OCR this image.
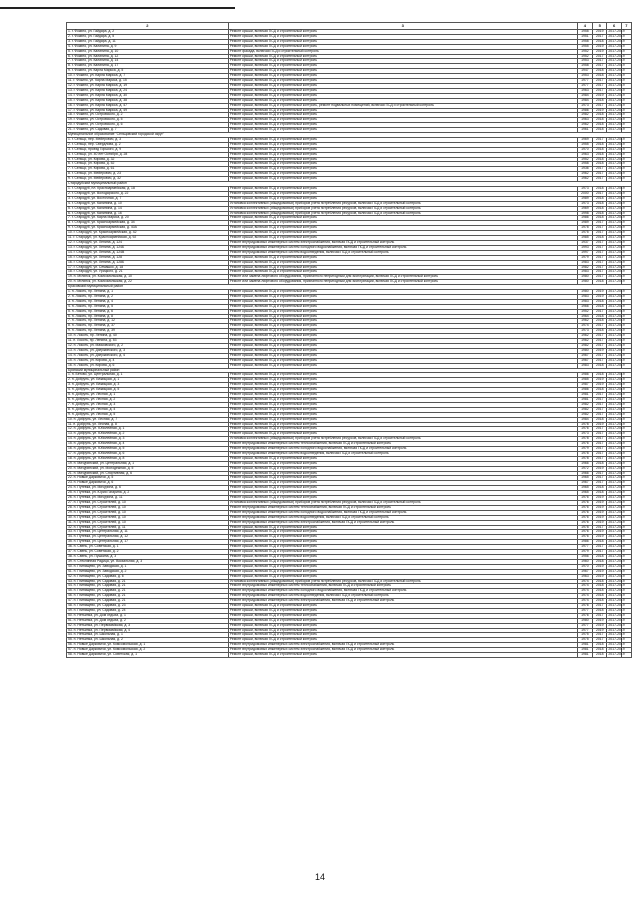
2	3	4	5	6	7
1. г. Фокино, ул. Гайдара, д. 2	Ремонт крыши, включая ПСД и строительный контроль	1958	2019	2017-2019	
2. г. Фокино, ул. Гайдара, д. 5	Ремонт крыши, включая ПСД и строительный контроль	1951	2017	2017-2019	
3. г. Фокино, ул. Гайдара, д. 11	Ремонт крыши, включая ПСД и строительный контроль	1958	2018	2017-2019	
4. г. Фокино, ул. Калинина, д. 9	Ремонт крыши, включая ПСД и строительный контроль	1955	2019	2017-2019	
5. г. Фокино, ул. Калинина, д. 10	Ремонт фасада, включая ПСД и строительный контроль	1952	2019	2017-2019	
6. г. Фокино, ул. Калинина, д. 12	Ремонт крыши, включая ПСД и строительный контроль	1952	2017	2017-2019	
7. г. Фокино, ул. Калинина, д. 14	Ремонт крыши, включая ПСД и строительный контроль	1953	2017	2017-2019	
8. г. Фокино, ул. Калинина, д. 17	Ремонт крыши, включая ПСД и строительный контроль	1958	2017	2017-2019	
9. г. Фокино, ул. Карла Маркса, д. 5	Ремонт крыши, включая ПСД и строительный контроль	1947	2018	2017-2019	
10. г. Фокино, ул. Карла Маркса, д. 7	Ремонт крыши, включая ПСД и строительный контроль	1953	2018	2017-2019	
11. г. Фокино, ул. Карла Маркса, д. 15	Ремонт крыши, включая ПСД и строительный контроль	1977	2017	2017-2019	
12. г. Фокино, ул. Карла Маркса, д. 19	Ремонт крыши, включая ПСД и строительный контроль	1977	2017	2017-2019	
13. г. Фокино, ул. Карла Маркса, д. 24	Ремонт крыши, включая ПСД и строительный контроль	1963	2017	2017-2019	
14. г. Фокино, ул. Карла Маркса, д. 30	Ремонт крыши, включая ПСД и строительный контроль	1984	2019	2017-2019	
15. г. Фокино, ул. Карла Маркса, д. 38	Ремонт крыши, включая ПСД и строительный контроль	1984	2018	2017-2019	
16. г. Фокино, ул. Карла Маркса, д. 47	Ремонт крыши, включая ПСД и строительный контроль, ремонт подвальных помещений, включая ПСД и строительный контроль	1973	2017	2017-2019	
17. г. Фокино, ул. Карла Маркса, д. 49	Ремонт крыши, включая ПСД и строительный контроль	1986	2019	2017-2019	
18. г. Фокино, ул. Островского, д. 2	Ремонт крыши, включая ПСД и строительный контроль	1982	2018	2017-2019	
19. г. Фокино, ул. Островского, д. 5	Ремонт крыши, включая ПСД и строительный контроль	1963	2018	2017-2019	
20. г. Фокино, ул. Островского, д. 6	Ремонт крыши, включая ПСД и строительный контроль	1962	2018	2017-2019	
21. г. Фокино, ул. Садовая, д. 7	Ремонт крыши, включая ПСД и строительный контроль	1961	2018	2017-2019	
Муниципальное образование "Сельцовский городской округ"					
1. г. Сельцо, пер. Мейерович, д. 3	Ремонт крыши, включая ПСД и строительный контроль	1969	2017	2017-2019	
2. г. Сельцо, пер. Свердлова, д. 2	Ремонт крыши, включая ПСД и строительный контроль	1955	2018	2017-2019	
3. г. Сельцо, проезд Горького, д. 9	Ремонт крыши, включая ПСД и строительный контроль	1970	2018	2017-2019	
4. г. Сельцо, ул. 40 лет Октября, д. 28	Ремонт крыши, включая ПСД и строительный контроль	1963	2018	2017-2019	
5. г. Сельцо, ул. Кирова, д. 32	Ремонт крыши, включая ПСД и строительный контроль	1952	2018	2017-2019	
6. г. Сельцо, ул. Кирова, д. 52	Ремонт крыши, включая ПСД и строительный контроль	1958	2018	2017-2019	
7. г. Сельцо, ул. Кирова, д. 61	Ремонт крыши, включая ПСД и строительный контроль	1936	2017	2017-2019	
8. г. Сельцо, ул. Мейерович, д. 23	Ремонт крыши, включая ПСД и строительный контроль	1962	2017	2017-2019	
9. г. Сельцо, ул. Мейерович, д. 32	Ремонт крыши, включая ПСД и строительный контроль	1962	2017	2017-2019	
Стародубский муниципальный район					
1. г. Стародуб, пл. Красноармейская, д. 18	Ремонт крыши, включая ПСД и строительный контроль	1973	2018	2017-2019	
2. г. Стародуб, ул. Володарского, д. 22	Ремонт крыши, включая ПСД и строительный контроль	2000	2017	2017-2019	
3. г. Стародуб, ул. Восточная, д. 7	Ремонт крыши, включая ПСД и строительный контроль	1989	2018	2017-2019	
4. г. Стародуб, ул. Калинина, д. 10	Установка коллективных (общедомовых) приборов учета потребления ресурсов, включая ПСД и строительный контроль	1973	2018	2017-2019	
5. г. Стародуб, ул. Калинина, д. 14	Установка коллективных (общедомовых) приборов учета потребления ресурсов, включая ПСД и строительный контроль	1969	2018	2017-2019	
6. г. Стародуб, ул. Калинина, д. 16	Установка коллективных (общедомовых) приборов учета потребления ресурсов, включая ПСД и строительный контроль	1998	2018	2017-2019	
7. г. Стародуб, ул. Карла Маркса, д. 20	Ремонт крыши, включая ПСД и строительный контроль	1986	2018	2017-2019	
8. г. Стародуб, ул. Красноармейская, д. 34	Ремонт крыши, включая ПСД и строительный контроль	1989	2017	2017-2019	
9. г. Стародуб, ул. Красноармейская, д. 40А	Ремонт крыши, включая ПСД и строительный контроль	1978	2017	2017-2019	
10. г. Стародуб, ул. Красноармейская, д. 42	Ремонт крыши, включая ПСД и строительный контроль	1975	2017	2017-2019	
11. г. Стародуб, ул. Красноармейская, д. 92	Ремонт крыши, включая ПСД и строительный контроль	1985	2018	2017-2019	
12. г. Стародуб, ул. Ленина, д. 124	Ремонт внутридомовых инженерных систем электроснабжения, включая ПСД и строительный контроль	1937	2017	2017-2019	
13. г. Стародуб, ул. Ленина, д. 124Б	Ремонт внутридомовых инженерных систем холодного водоснабжения, включая ПСД и строительный контроль	1993	2017	2017-2019	
14. г. Стародуб, ул. Ленина, д. 124В	Ремонт внутридомовых инженерных систем водоотведения, включая ПСД и строительный контроль	1997	2017	2017-2019	
15. г. Стародуб, ул. Ленина, д. 128	Ремонт крыши, включая ПСД и строительный контроль	1979	2017	2017-2019	
16. г. Стародуб, ул. Ленина, д. 128Б	Ремонт крыши, включая ПСД и строительный контроль	1983	2017	2017-2019	
17. г. Стародуб, ул. Семашко, д. 18	Ремонт крыши, включая ПСД и строительный контроль	1982	2017	2017-2019	
18. г. Стародуб, ул. Урицкого, д. 21	Ремонт крыши, включая ПСД и строительный контроль	1983	2017	2017-2019	
19. п. Мглинск, ул. Комсомольская, д. 10	Ремонт или замена лифтового оборудования, признанного непригодным для эксплуатации, включая ПСД и строительный контроль	1980	2017	2017-2019	
20. п. Мглинск, ул. Комсомольская, д. 22	Ремонт или замена лифтового оборудования, признанного непригодным для эксплуатации, включая ПСД и строительный контроль	1980	2018	2017-2019	
Брасовский муниципальный район					
1. п. Локоть, пр. Ленина, д. 1	Ремонт крыши, включая ПСД и строительный контроль	1980	2019	2017-2019	
2. п. Локоть, пр. Ленина, д. 2	Ремонт крыши, включая ПСД и строительный контроль	1983	2019	2017-2019	
3. п. Локоть, пр. Ленина, д. 4	Ремонт крыши, включая ПСД и строительный контроль	1983	2018	2017-2019	
4. п. Локоть, пр. Ленина, д. 5	Ремонт крыши, включая ПСД и строительный контроль	1966	2018	2017-2019	
5. п. Локоть, пр. Ленина, д. 6	Ремонт крыши, включая ПСД и строительный контроль	1952	2017	2017-2019	
6. п. Локоть, пр. Ленина, д. 8	Ремонт крыши, включая ПСД и строительный контроль	1964	2018	2017-2019	
7. п. Локоть, пр. Ленина, д. 12	Ремонт крыши, включая ПСД и строительный контроль	1962	2018	2017-2019	
8. п. Локоть, пр. Ленина, д. 37	Ремонт крыши, включая ПСД и строительный контроль	1974	2017	2017-2019	
9. п. Локоть, пр. Ленина, д. 39	Ремонт крыши, включая ПСД и строительный контроль	1973	2018	2017-2019	
10. п. Локоть, пр. Ленина, д. 40	Ремонт крыши, включая ПСД и строительный контроль	1962	2017	2017-2019	
11. п. Локоть, пр. Ленина, д. 53	Ремонт крыши, включая ПСД и строительный контроль	1962	2017	2017-2019	
12. п. Локоть, ул. Маяковского, д. 2	Ремонт крыши, включая ПСД и строительный контроль	1982	2017	2017-2019	
13. п. Локоть, ул. Дзержинского, д. 3	Ремонт крыши, включая ПСД и строительный контроль	1980	2019	2017-2019	
14. п. Локоть, ул. Дзержинского, д. 4	Ремонт крыши, включая ПСД и строительный контроль	1967	2017	2017-2019	
15. п. Локоть, ул. Кирова, д. 4	Ремонт крыши, включая ПСД и строительный контроль	1967	2017	2017-2019	
16. п. Локоть, ул. Кирова, д. 6	Ремонт крыши, включая ПСД и строительный контроль	1983	2018	2017-2019	
Брянский муниципальный район					
1. п. Бетово, ул. Центральная, д. 1	Ремонт крыши, включая ПСД и строительный контроль	1986	2018	2017-2019	
2. п. Добрунь, ул. Бежицкая, д. 1	Ремонт крыши, включая ПСД и строительный контроль	1985	2019	2017-2019	
3. п. Добрунь, ул. Бежицкая, д. 3	Ремонт крыши, включая ПСД и строительный контроль	1987	2019	2017-2019	
4. п. Добрунь, ул. Бежицкая, д. 5	Ремонт крыши, включая ПСД и строительный контроль	1986	2018	2017-2019	
5. п. Добрунь, ул. Лесная, д. 1	Ремонт крыши, включая ПСД и строительный контроль	1981	2017	2017-2019	
6. п. Добрунь, ул. Лесная, д. 2	Ремонт крыши, включая ПСД и строительный контроль	1981	2017	2017-2019	
7. п. Добрунь, ул. Лесная, д. 3	Ремонт крыши, включая ПСД и строительный контроль	1982	2017	2017-2019	
8. п. Добрунь, ул. Лесная, д. 4	Ремонт крыши, включая ПСД и строительный контроль	1982	2017	2017-2019	
9. п. Добрунь, ул. Лесная, д. 5	Ремонт крыши, включая ПСД и строительный контроль	1982	2017	2017-2019	
10. п. Добрунь, ул. Лесная, д. 7	Ремонт крыши, включая ПСД и строительный контроль	1984	2018	2017-2019	
11. п. Добрунь, ул. Лесная, д. 8	Ремонт крыши, включая ПСД и строительный контроль	1978	2019	2017-2019	
12. п. Добрунь, ул. Юбилейная, д. 1	Ремонт крыши, включая ПСД и строительный контроль	1976	2017	2017-2019	
13. п. Добрунь, ул. Юбилейная, д. 2	Ремонт крыши, включая ПСД и строительный контроль	1973	2017	2017-2019	
14. п. Добрунь, ул. Юбилейная, д. 3	Установка коллективных (общедомовых) приборов учета потребления ресурсов, включая ПСД и строительный контроль	1978	2017	2017-2019	
15. п. Добрунь, ул. Юбилейная, д. 4	Ремонт внутридомовых инженерных систем теплоснабжения, включая ПСД и строительный контроль	1976	2017	2017-2019	
16. п. Добрунь, ул. Юбилейная, д. 5	Ремонт внутридомовых инженерных систем холодного водоснабжения, включая ПСД и строительный контроль	1979	2017	2017-2019	
17. п. Добрунь, ул. Юбилейная, д. 6	Ремонт внутридомовых инженерных систем водоотведения, включая ПСД и строительный контроль	1978	2017	2017-2019	
18. п. Добрунь, ул. Юбилейная, д. 8	Ремонт крыши, включая ПСД и строительный контроль	1978	2017	2017-2019	
19. п. Мичуринский, ул. Центральная, д. 1	Ремонт крыши, включая ПСД и строительный контроль	1966	2018	2017-2019	
20. п. Мичуринский, ул. Молодежная, д. 5	Ремонт крыши, включая ПСД и строительный контроль	1972	2019	2017-2019	
21. п. Мичуринский, ул. Спортивная, д. 6	Ремонт крыши, включая ПСД и строительный контроль	1966	2017	2017-2019	
22. п. Новые Дарковичи, д. 5	Ремонт крыши, включая ПСД и строительный контроль	1965	2017	2017-2019	
23. п. Новые Дарковичи, д. 6	Ремонт крыши, включая ПСД и строительный контроль	1967	2017	2017-2019	
24. п. Путевка, ул. Мичурина, д. 6	Ремонт крыши, включая ПСД и строительный контроль	1965	2018	2017-2019	
25. п. Путевка, ул. Юрия Гагарина, д. 2	Ремонт крыши, включая ПСД и строительный контроль	1965	2018	2017-2019	
26. п. Путевка, ул. Мичурина, д. 11	Ремонт крыши, включая ПСД и строительный контроль	1976	2019	2017-2019	
27. п. Путевка, ул. Строителей, д. 10	Установка коллективных (общедомовых) приборов учета потребления ресурсов, включая ПСД и строительный контроль	1976	2019	2017-2019	
28. п. Путевка, ул. Строителей, д. 10	Ремонт внутридомовых инженерных систем теплоснабжения, включая ПСД и строительный контроль	1976	2019	2017-2019	
29. п. Путевка, ул. Строителей, д. 10	Ремонт внутридомовых инженерных систем холодного водоснабжения, включая ПСД и строительный контроль	1976	2019	2017-2019	
30. п. Путевка, ул. Строителей, д. 10	Ремонт внутридомовых инженерных систем водоотведения, включая ПСД и строительный контроль	1976	2019	2017-2019	
31. п. Путевка, ул. Строителей, д. 10	Ремонт внутридомовых инженерных систем электроснабжения, включая ПСД и строительный контроль	1976	2019	2017-2019	
32. п. Путевка, ул. Строителей, д. 11	Ремонт крыши, включая ПСД и строительный контроль	1978	2017	2017-2019	
33. п. Путевка, ул. Центральная, д. 11	Ремонт крыши, включая ПСД и строительный контроль	1976	2019	2017-2019	
34. п. Путевка, ул. Центральная, д. 12	Ремонт крыши, включая ПСД и строительный контроль	1976	2019	2017-2019	
35. п. Путевка, ул. Центральная, д. 17	Ремонт крыши, включая ПСД и строительный контроль	1986	2018	2017-2019	
36. п. Свень, ул. Советская, д. 1	Ремонт крыши, включая ПСД и строительный контроль	1977	2017	2017-2019	
37. п. Свень, ул. Советская, д. 2	Ремонт крыши, включая ПСД и строительный контроль	1979	2017	2017-2019	
38. п. Свень, ул. Пушкина, д. 3	Ремонт крыши, включая ПСД и строительный контроль	1956	2018	2017-2019	
39. п. Стеклянная Радица, ул. Вокзальная, д. 3	Ремонт крыши, включая ПСД и строительный контроль	1960	2018	2017-2019	
40. п. Глинищево, ул. Заводская, д. 1	Ремонт крыши, включая ПСД и строительный контроль	1970	2019	2017-2019	
41. п. Глинищево, ул. Заводская, д. 2	Ремонт крыши, включая ПСД и строительный контроль	1967	2019	2017-2019	
42. п. Глинищево, ул. Садовая, д. 6	Ремонт крыши, включая ПСД и строительный контроль	1963	2019	2017-2019	
43. п. Глинищево, ул. Садовая, д. 21	Установка коллективных (общедомовых) приборов учета потребления ресурсов, включая ПСД и строительный контроль	1974	2018	2017-2019	
44. п. Глинищево, ул. Садовая, д. 21	Ремонт внутридомовых инженерных систем теплоснабжения, включая ПСД и строительный контроль	1974	2018	2017-2019	
45. п. Глинищево, ул. Садовая, д. 21	Ремонт внутридомовых инженерных систем холодного водоснабжения, включая ПСД и строительный контроль	1974	2018	2017-2019	
46. п. Глинищево, ул. Садовая, д. 21	Ремонт внутридомовых инженерных систем водоотведения, включая ПСД и строительный контроль	1974	2018	2017-2019	
47. п. Глинищево, ул. Садовая, д. 21	Ремонт внутридомовых инженерных систем электроснабжения, включая ПСД и строительный контроль	1974	2018	2017-2019	
48. п. Глинищево, ул. Садовая, д. 23	Ремонт крыши, включая ПСД и строительный контроль	1976	2017	2017-2019	
49. п. Глинищево, ул. Садовая, д. 24	Ремонт крыши, включая ПСД и строительный контроль	1977	2018	2017-2019	
50. п. Нетьинка, ул. Дом отдыха, д. 1	Ремонт крыши, включая ПСД и строительный контроль	1976	2017	2017-2019	
51. п. Нетьинка, ул. Дом отдыха, д. 2	Ремонт крыши, включая ПСД и строительный контроль	1980	2019	2017-2019	
52. п. Нетьинка, ул. Первомайская, д. 3	Ремонт крыши, включая ПСД и строительный контроль	1977	2019	2017-2019	
53. п. Нетьинка, ул. Первомайская, д. 4	Ремонт крыши, включая ПСД и строительный контроль	1977	2019	2017-2019	
54. п. Нетьинка, ул. Школьная, д. 1	Ремонт крыши, включая ПСД и строительный контроль	1975	2017	2017-2019	
55. п. Нетьинка, ул. Школьная, д. 2	Ремонт крыши, включая ПСД и строительный контроль	1975	2017	2017-2019	
56. п. Новые Дарковичи, ул. Комсомольская, д. 1	Ремонт внутридомовых инженерных систем электроснабжения, включая ПСД и строительный контроль	1981	2018	2017-2019	
57. п. Новые Дарковичи, ул. Комсомольская, д. 2	Ремонт внутридомовых инженерных систем электроснабжения, включая ПСД и строительный контроль	1981	2018	2017-2019	
58. п. Новые Дарковичи, ул. Советская, д. 1	Ремонт крыши, включая ПСД и строительный контроль	1981	2018	2017-2019	
14
